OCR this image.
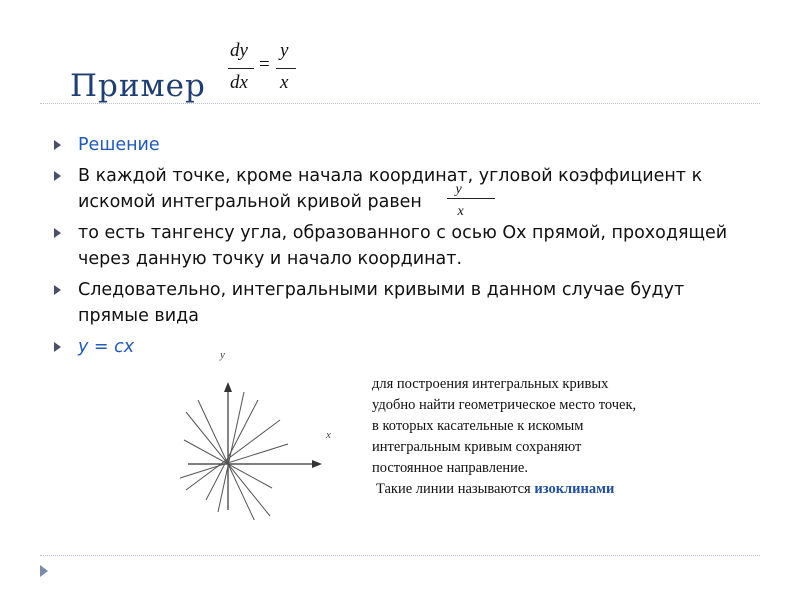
Пример
dy
dx
=
y
x
Решение
В каждой точке, кроме начала координат, угловой коэффициент к искомой интегральной кривой равен $\frac{y}{x}$
то есть тангенсу угла, образованного с осью Ох прямой, проходящей через данную точку и начало координат.
Следовательно, интегральными кривыми в данном случае будут прямые вида
y = cx	y
x
для построения интегральных кривых
удобно найти геометрическое место точек,
в которых касательные к искомым
интегральным кривым сохраняют
постоянное направление.
Такие линии называются изоклинами
